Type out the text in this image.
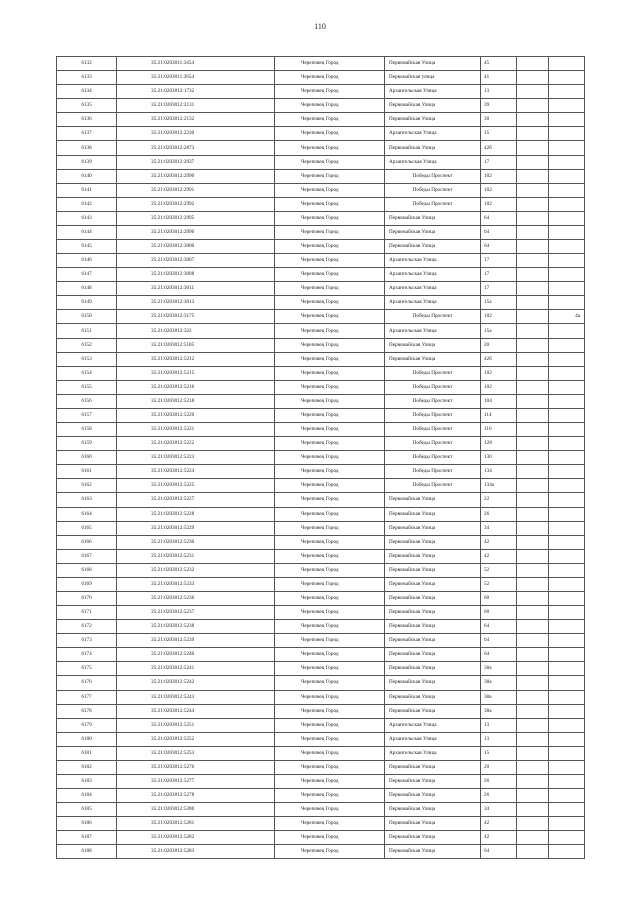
110
6132	35:21:0203011:3454	Череповец Город	Первомайская Улица	45		
6133	35:21:0203011:3654	Череповец Город	Первомайская улица	41		
6134	35:21:0203012:1732	Череповец Город	Архангельская Улица	13		
6135	35:21:0203012:2131	Череповец Город	Первомайская Улица	39		
6136	35:21:0203012:2132	Череповец Город	Первомайская Улица	30		
6137	35:21:0203012:2230	Череповец Город	Архангельская Улица	15		
6138	35:21:0203012:2873	Череповец Город	Первомайская Улица	42б		
6139	35:21:0203012:2937	Череповец Город	Архангельская Улица	17		
6140	35:21:0203012:2990	Череповец Город	Победы Проспект	102		
6141	35:21:0203012:2991	Череповец Город	Победы Проспект	102		
6142	35:21:0203012:2992	Череповец Город	Победы Проспект	102		
6143	35:21:0203012:2995	Череповец Город	Первомайская Улица	64		
6144	35:21:0203012:2996	Череповец Город	Первомайская Улица	64		
6145	35:21:0203012:3000	Череповец Город	Первомайская Улица	64		
6146	35:21:0203012:3007	Череповец Город	Архангельская Улица	17		
6147	35:21:0203012:3008	Череповец Город	Архангельская Улица	17		
6148	35:21:0203012:3011	Череповец Город	Архангельская Улица	17		
6149	35:21:0203012:3013	Череповец Город	Архангельская Улица	15а		
6150	35:21:0203012:3175	Череповец Город	Победы Проспект	102		4а
6151	35:21:0203012:322	Череповец Город	Архангельская Улица	15а		
6152	35:21:0203012:5185	Череповец Город	Первомайская Улица	20		
6153	35:21:0203012:5212	Череповец Город	Первомайская Улица	42б		
6154	35:21:0203012:5215	Череповец Город	Победы Проспект	102		
6155	35:21:0203012:5216	Череповец Город	Победы Проспект	102		
6156	35:21:0203012:5218	Череповец Город	Победы Проспект	104		
6157	35:21:0203012:5220	Череповец Город	Победы Проспект	114		
6158	35:21:0203012:5221	Череповец Город	Победы Проспект	116		
6159	35:21:0203012:5222	Череповец Город	Победы Проспект	128		
6160	35:21:0203012:5223	Череповец Город	Победы Проспект	130		
6161	35:21:0203012:5224	Череповец Город	Победы Проспект	134		
6162	35:21:0203012:5225	Череповец Город	Победы Проспект	134а		
6163	35:21:0203012:5227	Череповец Город	Первомайская Улица	22		
6164	35:21:0203012:5228	Череповец Город	Первомайская Улица	26		
6165	35:21:0203012:5229	Череповец Город	Первомайская Улица	34		
6166	35:21:0203012:5230	Череповец Город	Первомайская Улица	42		
6167	35:21:0203012:5231	Череповец Город	Первомайская Улица	42		
6168	35:21:0203012:5232	Череповец Город	Первомайская Улица	52		
6169	35:21:0203012:5233	Череповец Город	Первомайская Улица	52		
6170	35:21:0203012:5236	Череповец Город	Первомайская Улица	60		
6171	35:21:0203012:5237	Череповец Город	Первомайская Улица	60		
6172	35:21:0203012:5238	Череповец Город	Первомайская Улица	64		
6173	35:21:0203012:5239	Череповец Город	Первомайская Улица	64		
6174	35:21:0203012:5240	Череповец Город	Первомайская Улица	64		
6175	35:21:0203012:5241	Череповец Город	Первомайская Улица	38а		
6176	35:21:0203012:5242	Череповец Город	Первомайская Улица	38а		
6177	35:21:0203012:5243	Череповец Город	Первомайская Улица	38а		
6178	35:21:0203012:5244	Череповец Город	Первомайская Улица	38а		
6179	35:21:0203012:5251	Череповец Город	Архангельская Улица	13		
6180	35:21:0203012:5252	Череповец Город	Архангельская Улица	13		
6181	35:21:0203012:5253	Череповец Город	Архангельская Улица	15		
6182	35:21:0203012:5276	Череповец Город	Первомайская Улица	20		
6183	35:21:0203012:5277	Череповец Город	Первомайская Улица	26		
6184	35:21:0203012:5278	Череповец Город	Первомайская Улица	26		
6185	35:21:0203012:5280	Череповец Город	Первомайская Улица	34		
6186	35:21:0203012:5281	Череповец Город	Первомайская Улица	42		
6187	35:21:0203012:5282	Череповец Город	Первомайская Улица	42		
6188	35:21:0203012:5283	Череповец Город	Первомайская Улица	64		
